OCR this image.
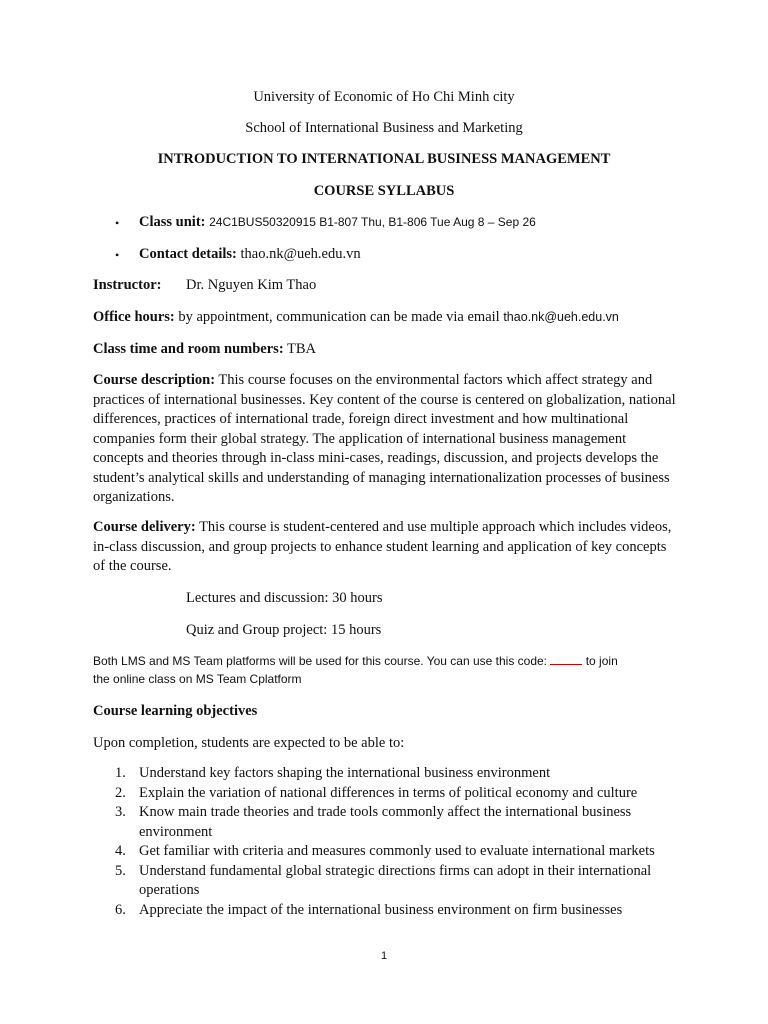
University of Economic of Ho Chi Minh city
School of International Business and Marketing
INTRODUCTION TO INTERNATIONAL BUSINESS MANAGEMENT
COURSE SYLLABUS
• Class unit: 24C1BUS50320915 B1-807 Thu, B1-806 Tue Aug 8 – Sep 26
• Contact details: thao.nk@ueh.edu.vn
Instructor: Dr. Nguyen Kim Thao
Office hours: by appointment, communication can be made via email thao.nk@ueh.edu.vn
Class time and room numbers: TBA
Course description: This course focuses on the environmental factors which affect strategy and practices of international businesses. Key content of the course is centered on globalization, national differences, practices of international trade, foreign direct investment and how multinational companies form their global strategy. The application of international business management concepts and theories through in-class mini-cases, readings, discussion, and projects develops the student’s analytical skills and understanding of managing internationalization processes of business organizations.
Course delivery: This course is student-centered and use multiple approach which includes videos, in-class discussion, and group projects to enhance student learning and application of key concepts of the course.
Lectures and discussion: 30 hours
Quiz and Group project: 15 hours
Both LMS and MS Team platforms will be used for this course. You can use this code:	to join
the online class on MS Team Cplatform
Course learning objectives
Upon completion, students are expected to be able to:
1. Understand key factors shaping the international business environment
2. Explain the variation of national differences in terms of political economy and culture
3. Know main trade theories and trade tools commonly affect the international business environment
4. Get familiar with criteria and measures commonly used to evaluate international markets
5. Understand fundamental global strategic directions firms can adopt in their international operations
6. Appreciate the impact of the international business environment on firm businesses
1
